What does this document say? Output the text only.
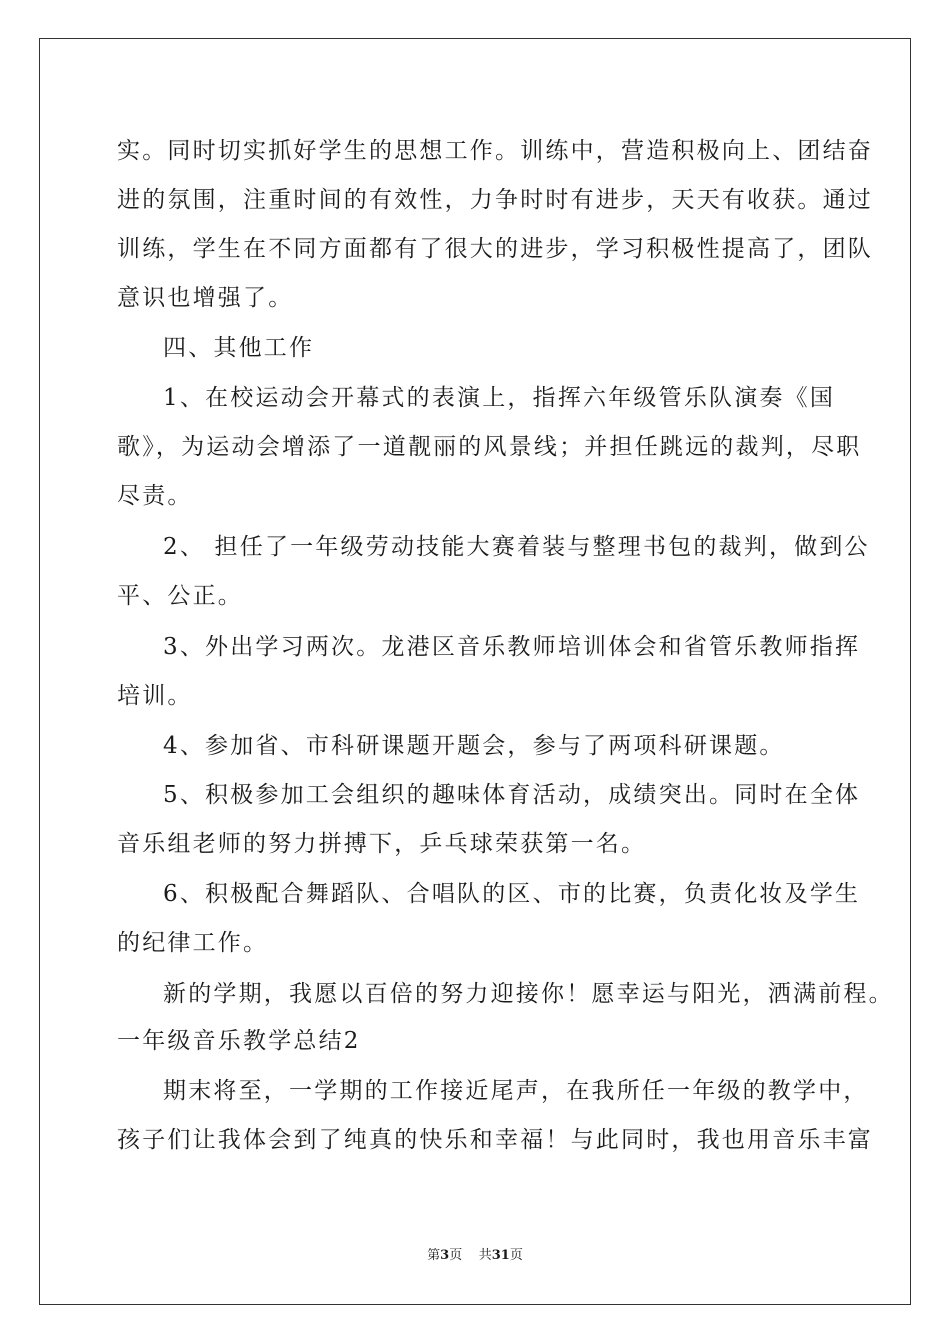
实。同时切实抓好学生的思想工作。训练中，营造积极向上、团结奋
进的氛围，注重时间的有效性，力争时时有进步，天天有收获。通过
训练，学生在不同方面都有了很大的进步，学习积极性提高了，团队
意识也增强了。
四、其他工作
1、在校运动会开幕式的表演上，指挥六年级管乐队演奏《国
歌》，为运动会增添了一道靓丽的风景线；并担任跳远的裁判，尽职
尽责。
2、 担任了一年级劳动技能大赛着装与整理书包的裁判，做到公
平、公正。
3、外出学习两次。龙港区音乐教师培训体会和省管乐教师指挥
培训。
4、参加省、市科研课题开题会，参与了两项科研课题。
5、积极参加工会组织的趣味体育活动，成绩突出。同时在全体
音乐组老师的努力拼搏下，乒乓球荣获第一名。
6、积极配合舞蹈队、合唱队的区、市的比赛，负责化妆及学生
的纪律工作。
新的学期，我愿以百倍的努力迎接你！愿幸运与阳光，洒满前程。
一年级音乐教学总结2
期末将至，一学期的工作接近尾声，在我所任一年级的教学中，
孩子们让我体会到了纯真的快乐和幸福！与此同时，我也用音乐丰富
第3页 共31页
